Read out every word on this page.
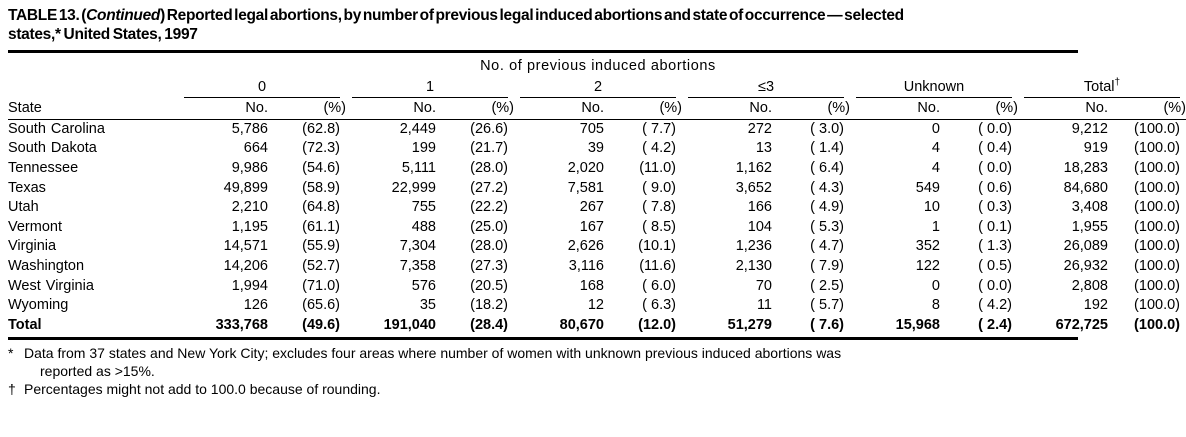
TABLE 13. (Continued) Reported legal abortions, by number of previous legal induced abortions and state of occurrence — selected
states,* United States, 1997

	No. of previous induced abortions											

	0		1		2		≤3		Unknown		Total†

State	No.	(%)	No.	(%)	No.	(%)	No.	(%)	No.	(%)	No.	(%)

South Carolina	5,786	(62.8)	2,449	(26.6)	705	( 7.7)	272	( 3.0)	0	( 0.0)	9,212	(100.0)
South Dakota	664	(72.3)	199	(21.7)	39	( 4.2)	13	( 1.4)	4	( 0.4)	919	(100.0)
Tennessee	9,986	(54.6)	5,111	(28.0)	2,020	(11.0)	1,162	( 6.4)	4	( 0.0)	18,283	(100.0)
Texas	49,899	(58.9)	22,999	(27.2)	7,581	( 9.0)	3,652	( 4.3)	549	( 0.6)	84,680	(100.0)
Utah	2,210	(64.8)	755	(22.2)	267	( 7.8)	166	( 4.9)	10	( 0.3)	3,408	(100.0)
Vermont	1,195	(61.1)	488	(25.0)	167	( 8.5)	104	( 5.3)	1	( 0.1)	1,955	(100.0)
Virginia	14,571	(55.9)	7,304	(28.0)	2,626	(10.1)	1,236	( 4.7)	352	( 1.3)	26,089	(100.0)
Washington	14,206	(52.7)	7,358	(27.3)	3,116	(11.6)	2,130	( 7.9)	122	( 0.5)	26,932	(100.0)
West Virginia	1,994	(71.0)	576	(20.5)	168	( 6.0)	70	( 2.5)	0	( 0.0)	2,808	(100.0)
Wyoming	126	(65.6)	35	(18.2)	12	( 6.3)	11	( 5.7)	8	( 4.2)	192	(100.0)
Total	333,768	(49.6)	191,040	(28.4)	80,670	(12.0)	51,279	( 7.6)	15,968	( 2.4)	672,725	(100.0)

* Data from 37 states and New York City; excludes four areas where number of women with unknown previous induced abortions was

reported as >15%.

† Percentages might not add to 100.0 because of rounding.
